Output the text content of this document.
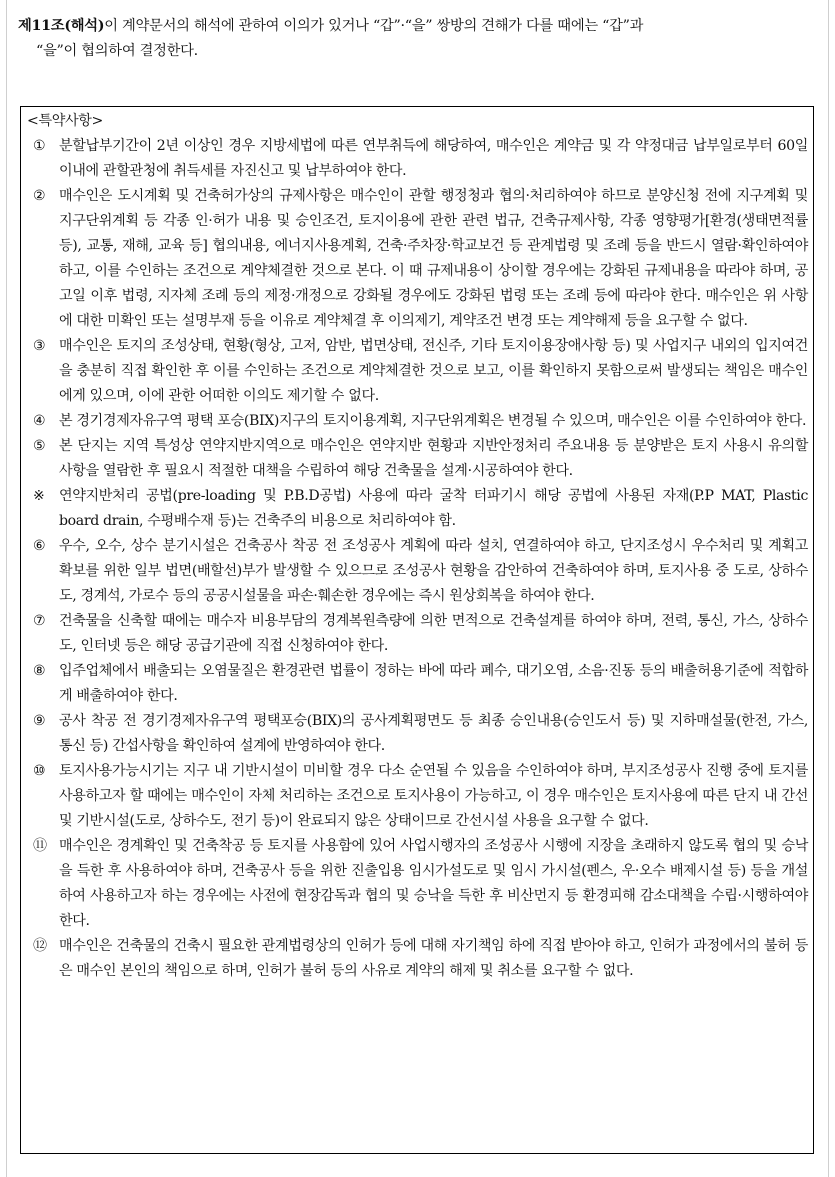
제11조(해석)이 계약문서의 해석에 관하여 이의가 있거나 “갑”·“을” 쌍방의 견해가 다를 때에는 “갑”과
“을”이 협의하여 결정한다.
<특약사항>
① 분할납부기간이 2년 이상인 경우 지방세법에 따른 연부취득에 해당하여, 매수인은 계약금 및 각 약정대금 납부일로부터 60일 이내에 관할관청에 취득세를 자진신고 및 납부하여야 한다.
② 매수인은 도시계획 및 건축허가상의 규제사항은 매수인이 관할 행정청과 협의·처리하여야 하므로 분양신청 전에 지구계획 및 지구단위계획 등 각종 인·허가 내용 및 승인조건, 토지이용에 관한 관련 법규, 건축규제사항, 각종 영향평가[환경(생태면적률 등), 교통, 재해, 교육 등] 협의내용, 에너지사용계획, 건축·주차장·학교보건 등 관계법령 및 조례 등을 반드시 열람·확인하여야 하고, 이를 수인하는 조건으로 계약체결한 것으로 본다. 이 때 규제내용이 상이할 경우에는 강화된 규제내용을 따라야 하며, 공고일 이후 법령, 지자체 조례 등의 제정·개정으로 강화될 경우에도 강화된 법령 또는 조례 등에 따라야 한다. 매수인은 위 사항에 대한 미확인 또는 설명부재 등을 이유로 계약체결 후 이의제기, 계약조건 변경 또는 계약해제 등을 요구할 수 없다.
③ 매수인은 토지의 조성상태, 현황(형상, 고저, 암반, 법면상태, 전신주, 기타 토지이용장애사항 등) 및 사업지구 내외의 입지여건을 충분히 직접 확인한 후 이를 수인하는 조건으로 계약체결한 것으로 보고, 이를 확인하지 못함으로써 발생되는 책임은 매수인에게 있으며, 이에 관한 어떠한 이의도 제기할 수 없다.
④ 본 경기경제자유구역 평택 포승(BIX)지구의 토지이용계획, 지구단위계획은 변경될 수 있으며, 매수인은 이를 수인하여야 한다.
⑤ 본 단지는 지역 특성상 연약지반지역으로 매수인은 연약지반 현황과 지반안정처리 주요내용 등 분양받은 토지 사용시 유의할 사항을 열람한 후 필요시 적절한 대책을 수립하여 해당 건축물을 설계·시공하여야 한다.
※	연약지반처리 공법(pre-loading 및 P.B.D공법) 사용에 따라 굴착 터파기시 해당 공법에 사용된 자재(P.P MAT, Plastic board drain, 수평배수재 등)는 건축주의 비용으로 처리하여야 함.
⑥ 우수, 오수, 상수 분기시설은 건축공사 착공 전 조성공사 계획에 따라 설치, 연결하여야 하고, 단지조성시 우수처리 및 계획고 확보를 위한 일부 법면(배할선)부가 발생할 수 있으므로 조성공사 현황을 감안하여 건축하여야 하며, 토지사용 중 도로, 상하수도, 경계석, 가로수 등의 공공시설물을 파손·훼손한 경우에는 즉시 원상회복을 하여야 한다.
⑦ 건축물을 신축할 때에는 매수자 비용부담의 경계복원측량에 의한 면적으로 건축설계를 하여야 하며, 전력, 통신, 가스, 상하수도, 인터넷 등은 해당 공급기관에 직접 신청하여야 한다.
⑧ 입주업체에서 배출되는 오염물질은 환경관련 법률이 정하는 바에 따라 폐수, 대기오염, 소음·진동 등의 배출허용기준에 적합하게 배출하여야 한다.
⑨ 공사 착공 전 경기경제자유구역 평택포승(BIX)의 공사계획평면도 등 최종 승인내용(승인도서 등) 및 지하매설물(한전, 가스, 통신 등) 간섭사항을 확인하여 설계에 반영하여야 한다.
⑩ 토지사용가능시기는 지구 내 기반시설이 미비할 경우 다소 순연될 수 있음을 수인하여야 하며, 부지조성공사 진행 중에 토지를 사용하고자 할 때에는 매수인이 자체 처리하는 조건으로 토지사용이 가능하고, 이 경우 매수인은 토지사용에 따른 단지 내 간선 및 기반시설(도로, 상하수도, 전기 등)이 완료되지 않은 상태이므로 간선시설 사용을 요구할 수 없다.
⑪ 매수인은 경계확인 및 건축착공 등 토지를 사용함에 있어 사업시행자의 조성공사 시행에 지장을 초래하지 않도록 협의 및 승낙을 득한 후 사용하여야 하며, 건축공사 등을 위한 진출입용 임시가설도로 및 임시 가시설(펜스, 우·오수 배제시설 등) 등을 개설하여 사용하고자 하는 경우에는 사전에 현장감독과 협의 및 승낙을 득한 후 비산먼지 등 환경피해 감소대책을 수립·시행하여야 한다.
⑫ 매수인은 건축물의 건축시 필요한 관계법령상의 인허가 등에 대해 자기책임 하에 직접 받아야 하고, 인허가 과정에서의 불허 등은 매수인 본인의 책임으로 하며, 인허가 불허 등의 사유로 계약의 해제 및 취소를 요구할 수 없다.
